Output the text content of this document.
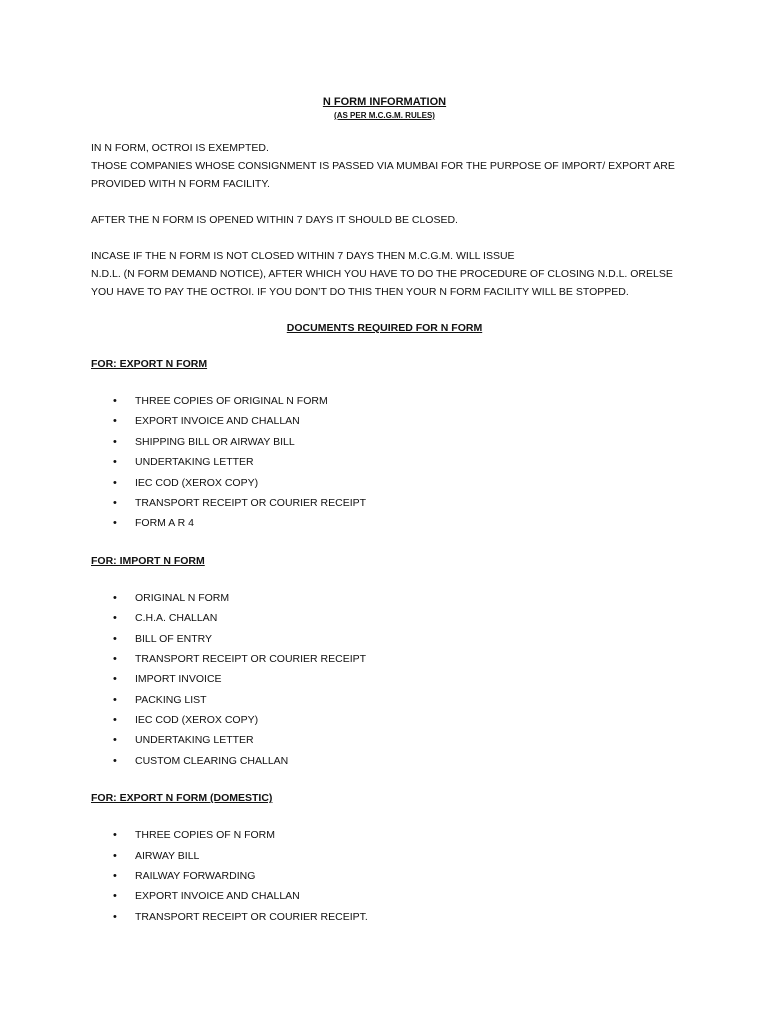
N FORM INFORMATION

(AS PER M.C.G.M. RULES)

IN N FORM, OCTROI IS EXEMPTED.

THOSE COMPANIES WHOSE CONSIGNMENT IS PASSED VIA MUMBAI FOR THE PURPOSE OF IMPORT/ EXPORT ARE

PROVIDED WITH N FORM FACILITY.

AFTER THE N FORM IS OPENED WITHIN 7 DAYS IT SHOULD BE CLOSED.

INCASE IF THE N FORM IS NOT CLOSED WITHIN 7 DAYS THEN M.C.G.M. WILL ISSUE

N.D.L. (N FORM DEMAND NOTICE), AFTER WHICH YOU HAVE TO DO THE PROCEDURE OF CLOSING N.D.L. ORELSE

YOU HAVE TO PAY THE OCTROI. IF YOU DON’T DO THIS THEN YOUR N FORM FACILITY WILL BE STOPPED.

DOCUMENTS REQUIRED FOR N FORM

FOR: EXPORT N FORM

• THREE COPIES OF ORIGINAL N FORM
• EXPORT INVOICE AND CHALLAN
• SHIPPING BILL OR AIRWAY BILL
• UNDERTAKING LETTER
• IEC COD (XEROX COPY)
• TRANSPORT RECEIPT OR COURIER RECEIPT
• FORM A R 4

FOR: IMPORT N FORM

• ORIGINAL N FORM
• C.H.A. CHALLAN
• BILL OF ENTRY
• TRANSPORT RECEIPT OR COURIER RECEIPT
• IMPORT INVOICE
• PACKING LIST
• IEC COD (XEROX COPY)
• UNDERTAKING LETTER
• CUSTOM CLEARING CHALLAN

FOR: EXPORT N FORM (DOMESTIC)

• THREE COPIES OF N FORM
• AIRWAY BILL
• RAILWAY FORWARDING
• EXPORT INVOICE AND CHALLAN
• TRANSPORT RECEIPT OR COURIER RECEIPT.
